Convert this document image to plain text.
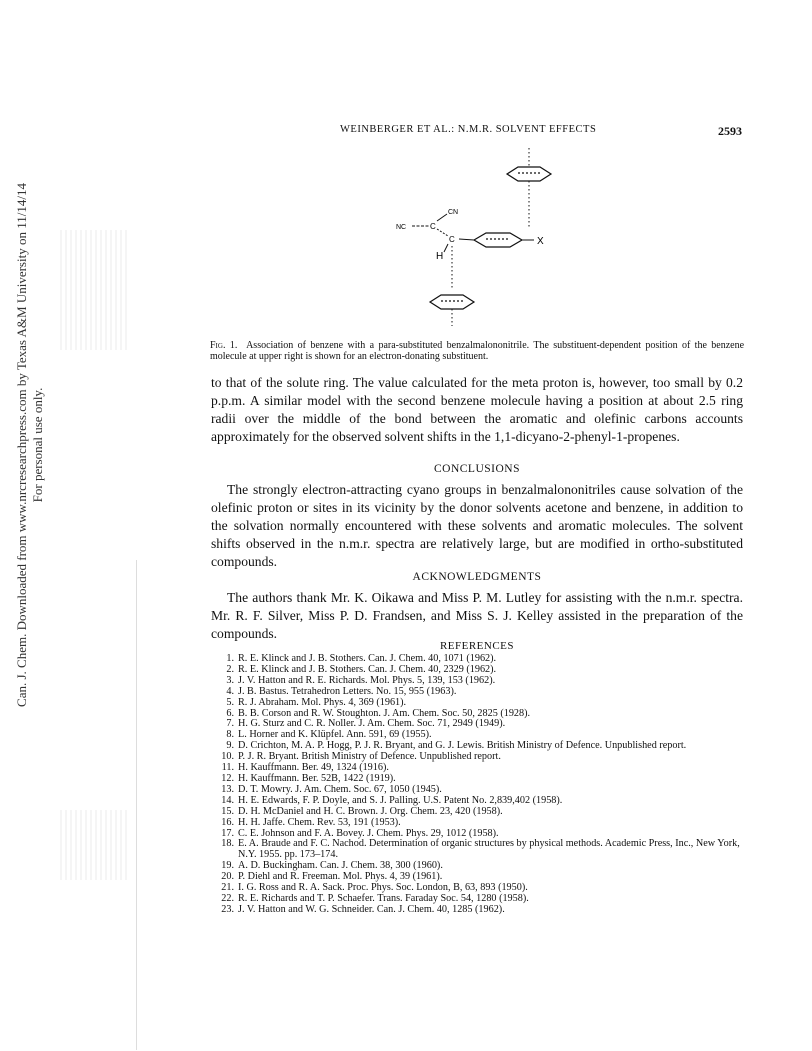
Can. J. Chem. Downloaded from www.nrcresearchpress.com by Texas A&M University on 11/14/14 For personal use only.
WEINBERGER ET AL.: N.M.R. SOLVENT EFFECTS	2593
X
C
C
CN
NC
H
Fig. 1. Association of benzene with a para-substituted benzalmalononitrile. The substituent-dependent position of the benzene molecule at upper right is shown for an electron-donating substituent.
to that of the solute ring. The value calculated for the meta proton is, however, too small by 0.2 p.p.m. A similar model with the second benzene molecule having a position at about 2.5 ring radii over the middle of the bond between the aromatic and olefinic carbons accounts approximately for the observed solvent shifts in the 1,1-dicyano-2-phenyl-1-propenes.
CONCLUSIONS
The strongly electron-attracting cyano groups in benzalmalononitriles cause solvation of the olefinic proton or sites in its vicinity by the donor solvents acetone and benzene, in addition to the solvation normally encountered with these solvents and aromatic molecules. The solvent shifts observed in the n.m.r. spectra are relatively large, but are modified in ortho-substituted compounds.
ACKNOWLEDGMENTS
The authors thank Mr. K. Oikawa and Miss P. M. Lutley for assisting with the n.m.r. spectra. Mr. R. F. Silver, Miss P. D. Frandsen, and Miss S. J. Kelley assisted in the preparation of the compounds.
REFERENCES
1. R. E. Klinck and J. B. Stothers. Can. J. Chem. 40, 1071 (1962).
2. R. E. Klinck and J. B. Stothers. Can. J. Chem. 40, 2329 (1962).
3. J. V. Hatton and R. E. Richards. Mol. Phys. 5, 139, 153 (1962).
4. J. B. Bastus. Tetrahedron Letters. No. 15, 955 (1963).
5. R. J. Abraham. Mol. Phys. 4, 369 (1961).
6. B. B. Corson and R. W. Stoughton. J. Am. Chem. Soc. 50, 2825 (1928).
7. H. G. Sturz and C. R. Noller. J. Am. Chem. Soc. 71, 2949 (1949).
8. L. Horner and K. Klüpfel. Ann. 591, 69 (1955).
9. D. Crichton, M. A. P. Hogg, P. J. R. Bryant, and G. J. Lewis. British Ministry of Defence. Unpublished report.
10. P. J. R. Bryant. British Ministry of Defence. Unpublished report.
11. H. Kauffmann. Ber. 49, 1324 (1916).
12. H. Kauffmann. Ber. 52B, 1422 (1919).
13. D. T. Mowry. J. Am. Chem. Soc. 67, 1050 (1945).
14. H. E. Edwards, F. P. Doyle, and S. J. Palling. U.S. Patent No. 2,839,402 (1958).
15. D. H. McDaniel and H. C. Brown. J. Org. Chem. 23, 420 (1958).
16. H. H. Jaffe. Chem. Rev. 53, 191 (1953).
17. C. E. Johnson and F. A. Bovey. J. Chem. Phys. 29, 1012 (1958).
18. E. A. Braude and F. C. Nachod. Determination of organic structures by physical methods. Academic Press, Inc., New York, N.Y. 1955. pp. 173–174.
19. A. D. Buckingham. Can. J. Chem. 38, 300 (1960).
20. P. Diehl and R. Freeman. Mol. Phys. 4, 39 (1961).
21. I. G. Ross and R. A. Sack. Proc. Phys. Soc. London, B, 63, 893 (1950).
22. R. E. Richards and T. P. Schaefer. Trans. Faraday Soc. 54, 1280 (1958).
23. J. V. Hatton and W. G. Schneider. Can. J. Chem. 40, 1285 (1962).
